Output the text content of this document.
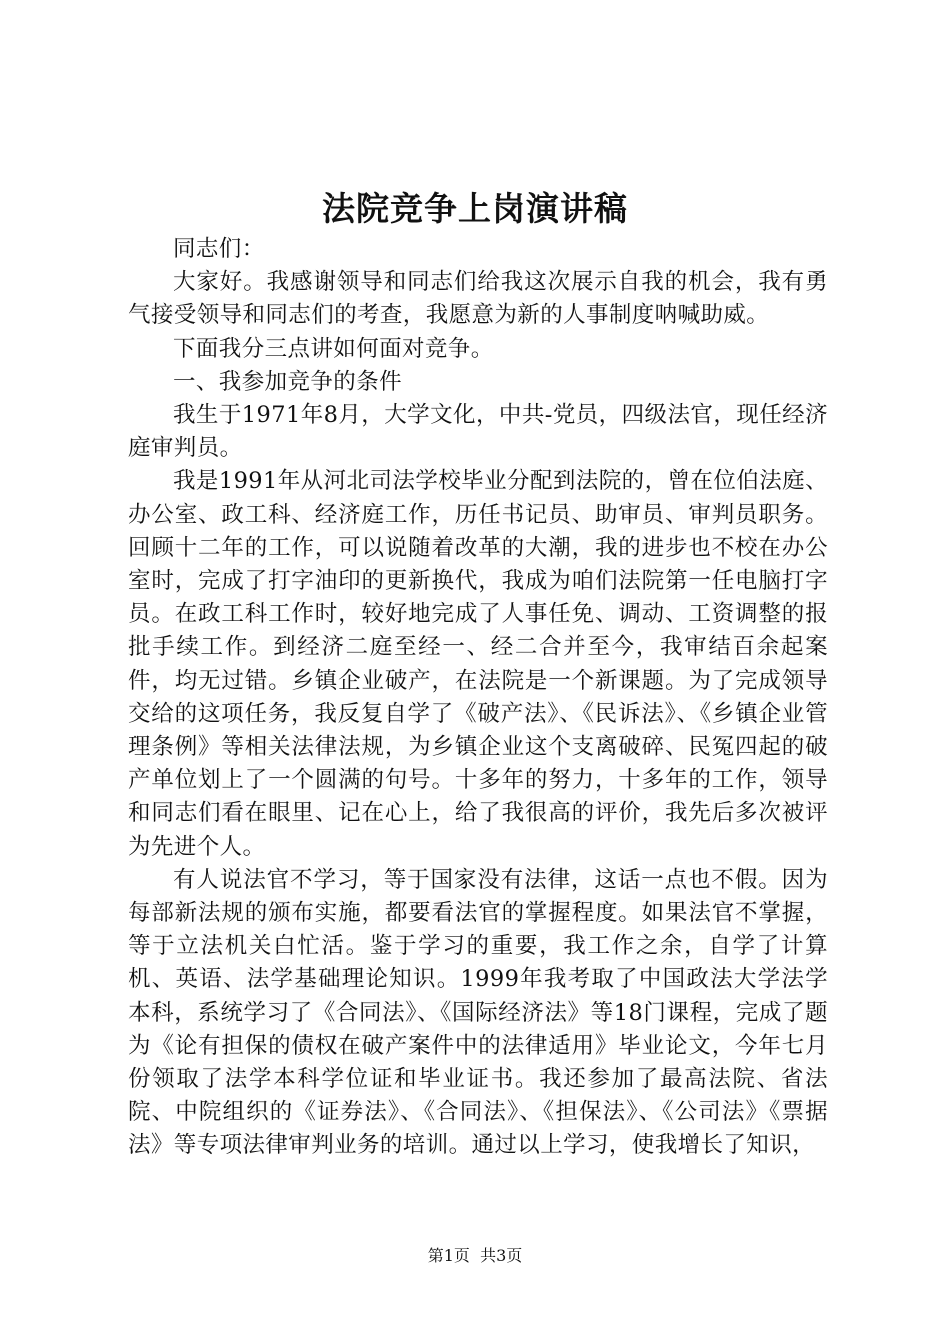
法院竞争上岗演讲稿

同志们：

大家好。我感谢领导和同志们给我这次展示自我的机会，我有勇气接受领导和同志们的考查，我愿意为新的人事制度呐喊助威。

下面我分三点讲如何面对竞争。

一、我参加竞争的条件

我生于1971年8月，大学文化，中共-党员，四级法官，现任经济庭审判员。

我是1991年从河北司法学校毕业分配到法院的，曾在位伯法庭、办公室、政工科、经济庭工作，历任书记员、助审员、审判员职务。回顾十二年的工作，可以说随着改革的大潮，我的进步也不校在办公室时，完成了打字油印的更新换代，我成为咱们法院第一任电脑打字员。在政工科工作时，较好地完成了人事任免、调动、工资调整的报批手续工作。到经济二庭至经一、经二合并至今，我审结百余起案件，均无过错。乡镇企业破产，在法院是一个新课题。为了完成领导交给的这项任务，我反复自学了《破产法》、《民诉法》、《乡镇企业管理条例》等相关法律法规，为乡镇企业这个支离破碎、民冤四起的破产单位划上了一个圆满的句号。十多年的努力，十多年的工作，领导和同志们看在眼里、记在心上，给了我很高的评价，我先后多次被评为先进个人。

有人说法官不学习，等于国家没有法律，这话一点也不假。因为每部新法规的颁布实施，都要看法官的掌握程度。如果法官不掌握，等于立法机关白忙活。鉴于学习的重要，我工作之余，自学了计算机、英语、法学基础理论知识。1999年我考取了中国政法大学法学本科，系统学习了《合同法》、《国际经济法》等18门课程，完成了题为《论有担保的债权在破产案件中的法律适用》毕业论文，今年七月份领取了法学本科学位证和毕业证书。我还参加了最高法院、省法院、中院组织的《证券法》、《合同法》、《担保法》、《公司法》《票据法》等专项法律审判业务的培训。通过以上学习，使我增长了知识，

第1页 共3页
